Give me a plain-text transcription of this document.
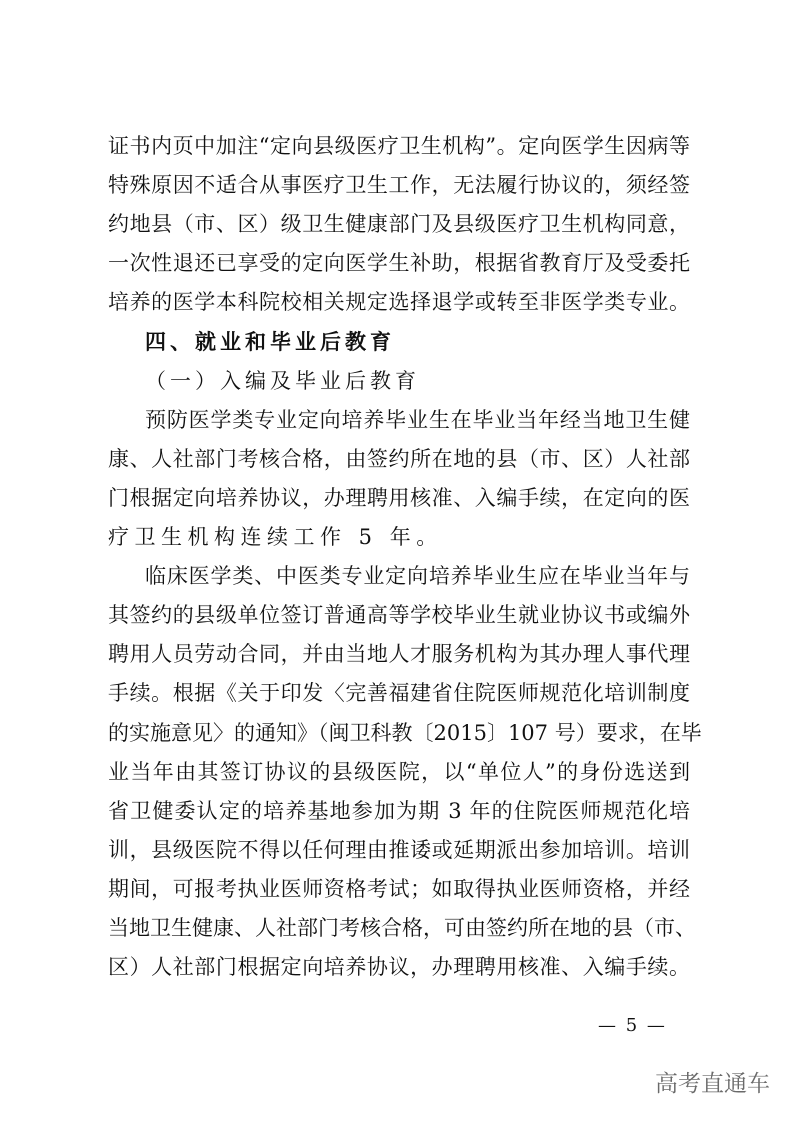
— 5 —
高考直通车
证书内页中加注“定向县级医疗卫生机构”。定向医学生因病等
特殊原因不适合从事医疗卫生工作，无法履行协议的，须经签
约地县（市、区）级卫生健康部门及县级医疗卫生机构同意，
一次性退还已享受的定向医学生补助，根据省教育厅及受委托
培养的医学本科院校相关规定选择退学或转至非医学类专业。
四、就业和毕业后教育
（一）入编及毕业后教育
预防医学类专业定向培养毕业生在毕业当年经当地卫生健
康、人社部门考核合格，由签约所在地的县（市、区）人社部
门根据定向培养协议，办理聘用核准、入编手续，在定向的医
疗卫生机构连续工作 5 年。
临床医学类、中医类专业定向培养毕业生应在毕业当年与
其签约的县级单位签订普通高等学校毕业生就业协议书或编外
聘用人员劳动合同，并由当地人才服务机构为其办理人事代理
手续。根据《关于印发〈完善福建省住院医师规范化培训制度
的实施意见〉的通知》（闽卫科教〔2015〕107 号）要求，在毕
业当年由其签订协议的县级医院，以“单位人”的身份选送到
省卫健委认定的培养基地参加为期 3 年的住院医师规范化培
训，县级医院不得以任何理由推诿或延期派出参加培训。培训
期间，可报考执业医师资格考试；如取得执业医师资格，并经
当地卫生健康、人社部门考核合格，可由签约所在地的县（市、
区）人社部门根据定向培养协议，办理聘用核准、入编手续。
